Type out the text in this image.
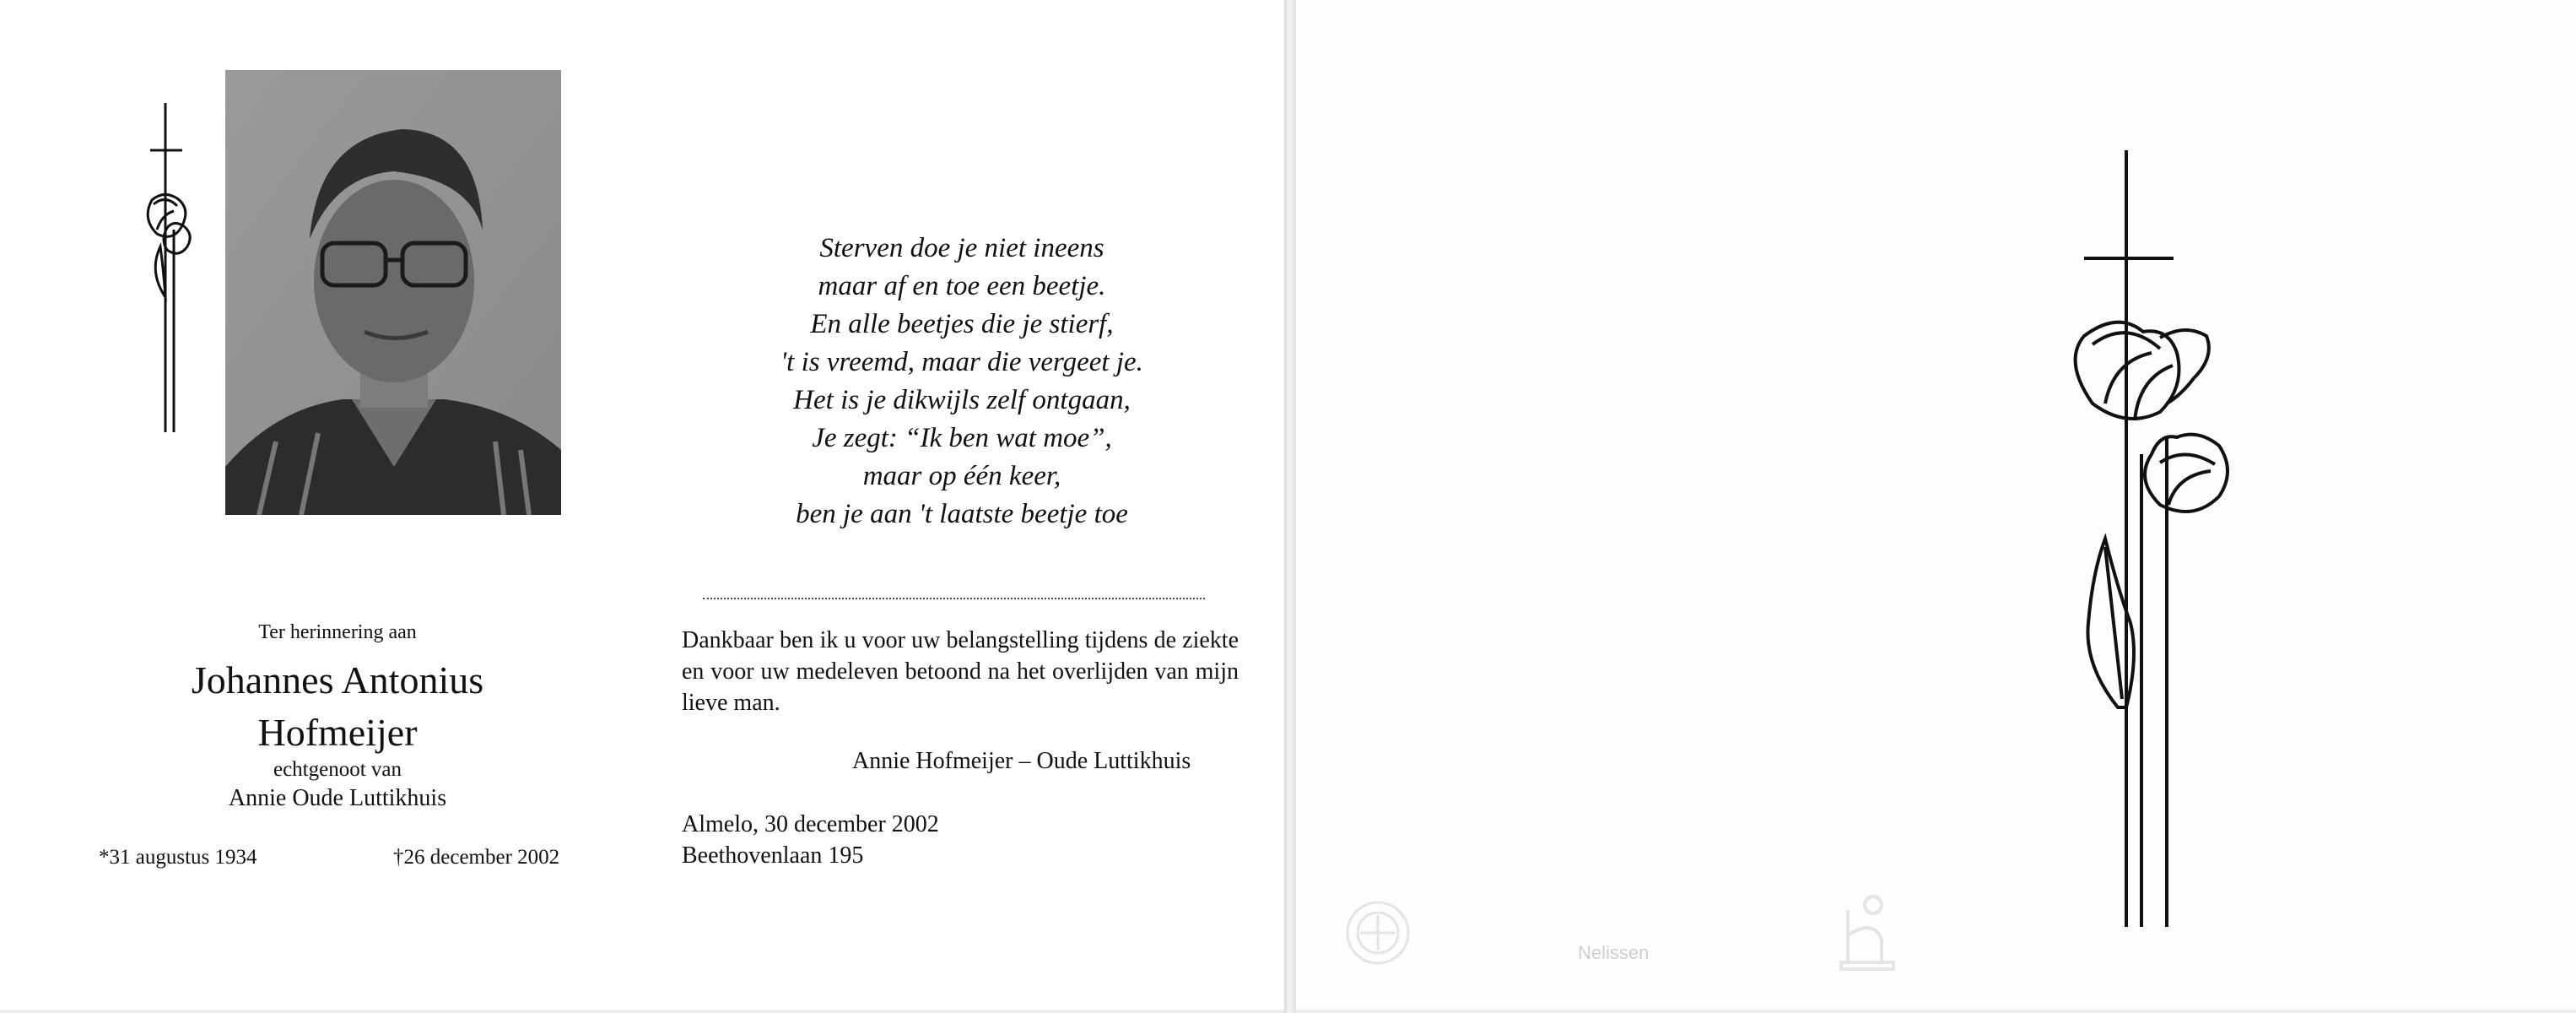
Ter herinnering aan
Johannes Antonius
Hofmeijer
echtgenoot van
Annie Oude Luttikhuis
*31 augustus 1934	†26 december 2002
Sterven doe je niet ineens
maar af en toe een beetje.
En alle beetjes die je stierf,
't is vreemd, maar die vergeet je.
Het is je dikwijls zelf ontgaan,
Je zegt: “Ik ben wat moe”,
maar op één keer,
ben je aan 't laatste beetje toe
Dankbaar ben ik u voor uw belangstelling tijdens de ziekte en voor uw medeleven betoond na het overlijden van mijn lieve man.
Annie Hofmeijer – Oude Luttikhuis
Almelo, 30 december 2002
Beethovenlaan 195
Nelissen
